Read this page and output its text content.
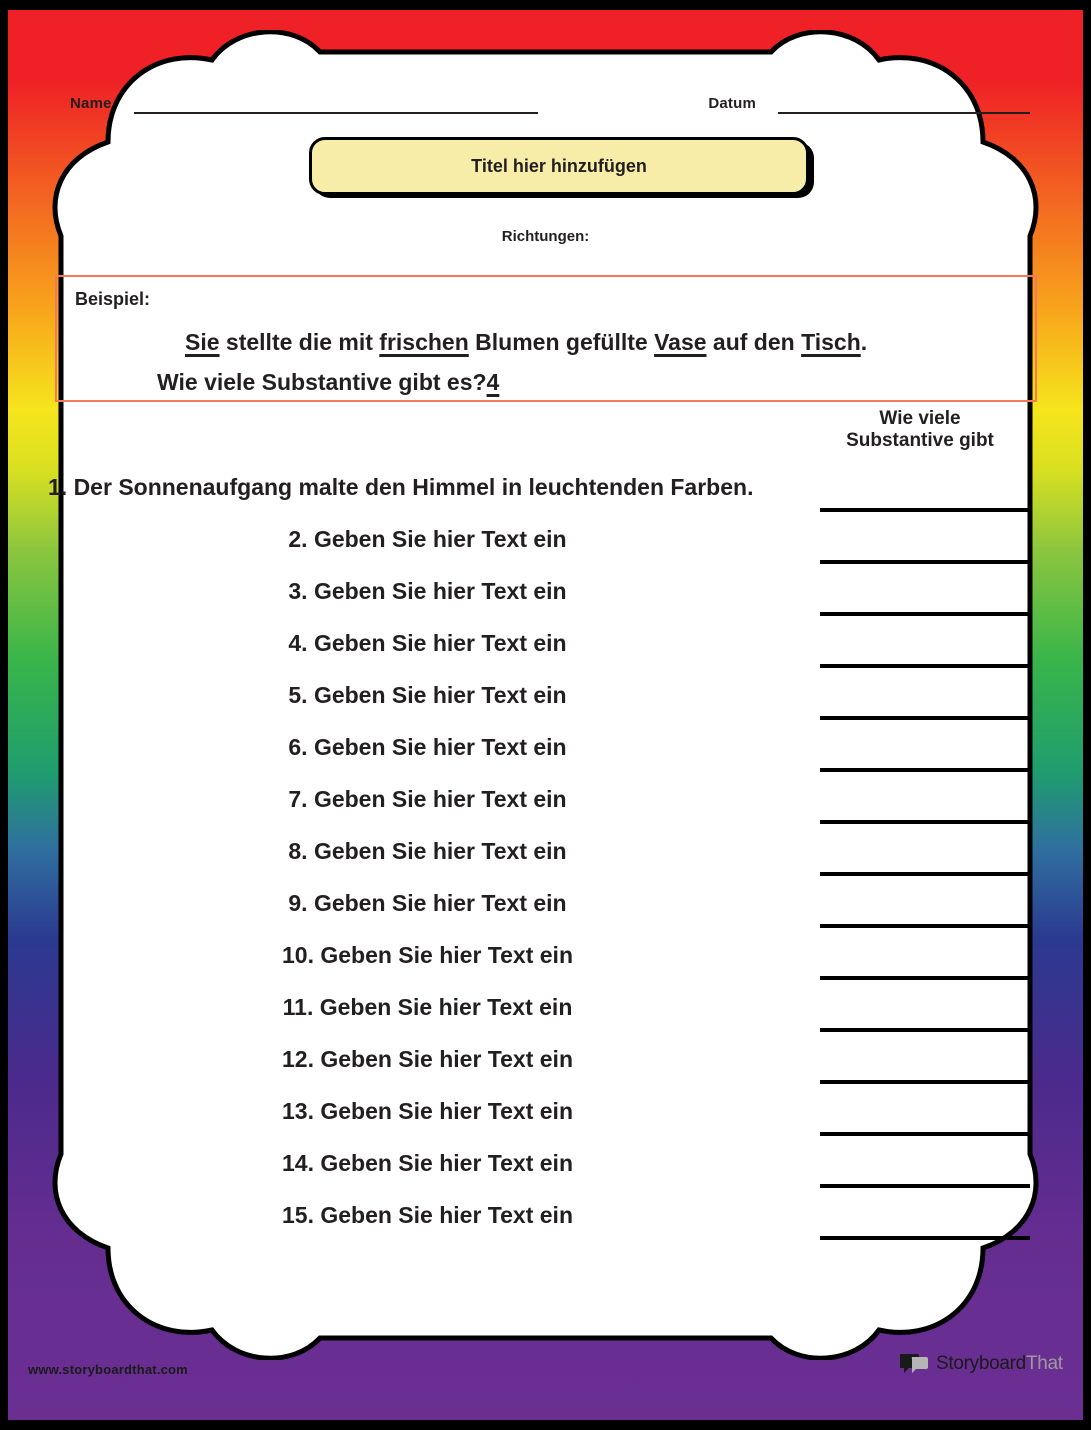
Name	Datum
Titel hier hinzufügen
Richtungen:
Beispiel:
Sie stellte die mit frischen Blumen gefüllte Vase auf den Tisch.
Wie viele Substantive gibt es?4
Wie viele
Substantive gibt
1. Der Sonnenaufgang malte den Himmel in leuchtenden Farben.
2. Geben Sie hier Text ein
3. Geben Sie hier Text ein
4. Geben Sie hier Text ein
5. Geben Sie hier Text ein
6. Geben Sie hier Text ein
7. Geben Sie hier Text ein
8. Geben Sie hier Text ein
9. Geben Sie hier Text ein
10. Geben Sie hier Text ein
11. Geben Sie hier Text ein
12. Geben Sie hier Text ein
13. Geben Sie hier Text ein
14. Geben Sie hier Text ein
15. Geben Sie hier Text ein
www.storyboardthat.com	StoryboardThat
